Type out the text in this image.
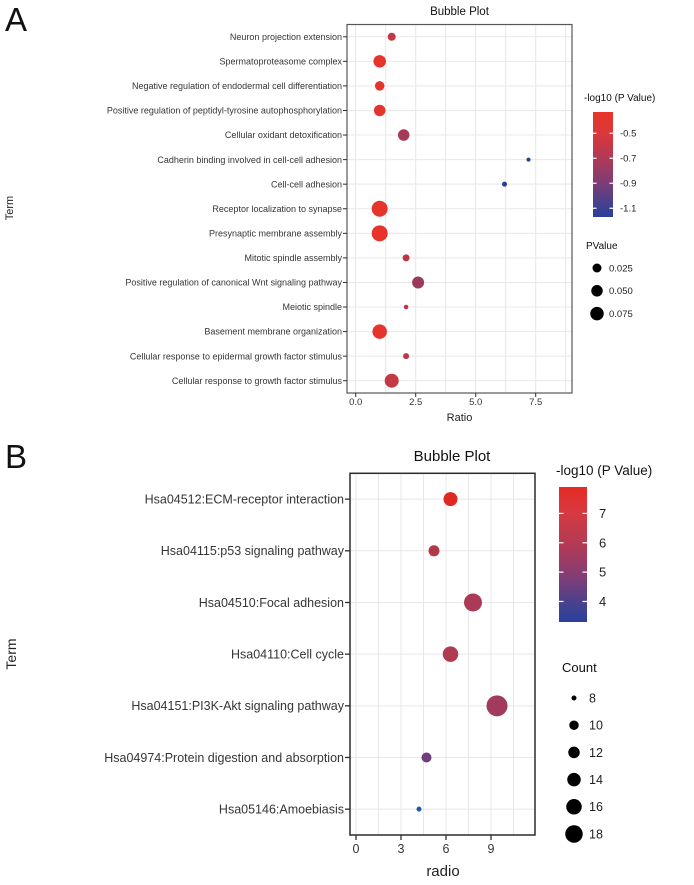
A
B
0.0	2.5	5.0	7.5
Neuron projection extension
Spermatoproteasome complex
Negative regulation of endodermal cell differentiation
Positive regulation of peptidyl-tyrosine autophosphorylation
Cellular oxidant detoxification
Cadherin binding involved in cell-cell adhesion
Cell-cell adhesion
Receptor localization to synapse
Presynaptic membrane assembly
Mitotic spindle assembly
Positive regulation of canonical Wnt signaling pathway
Meiotic spindle
Basement membrane organization
Cellular response to epidermal growth factor stimulus
Cellular response to growth factor stimulus
Bubble Plot
Ratio
Term
-log10 (P Value)
-0.5
-0.7
-0.9
-1.1
PValue
0.025
0.050
0.075
0	3	6	9
Hsa04512:ECM-receptor interaction
Hsa04115:p53 signaling pathway
Hsa04510:Focal adhesion
Hsa04110:Cell cycle
Hsa04151:PI3K-Akt signaling pathway
Hsa04974:Protein digestion and absorption
Hsa05146:Amoebiasis
Bubble Plot
radio
Term
-log10 (P Value)
7
6
5
4
Count
8
10
12
14
16
18
